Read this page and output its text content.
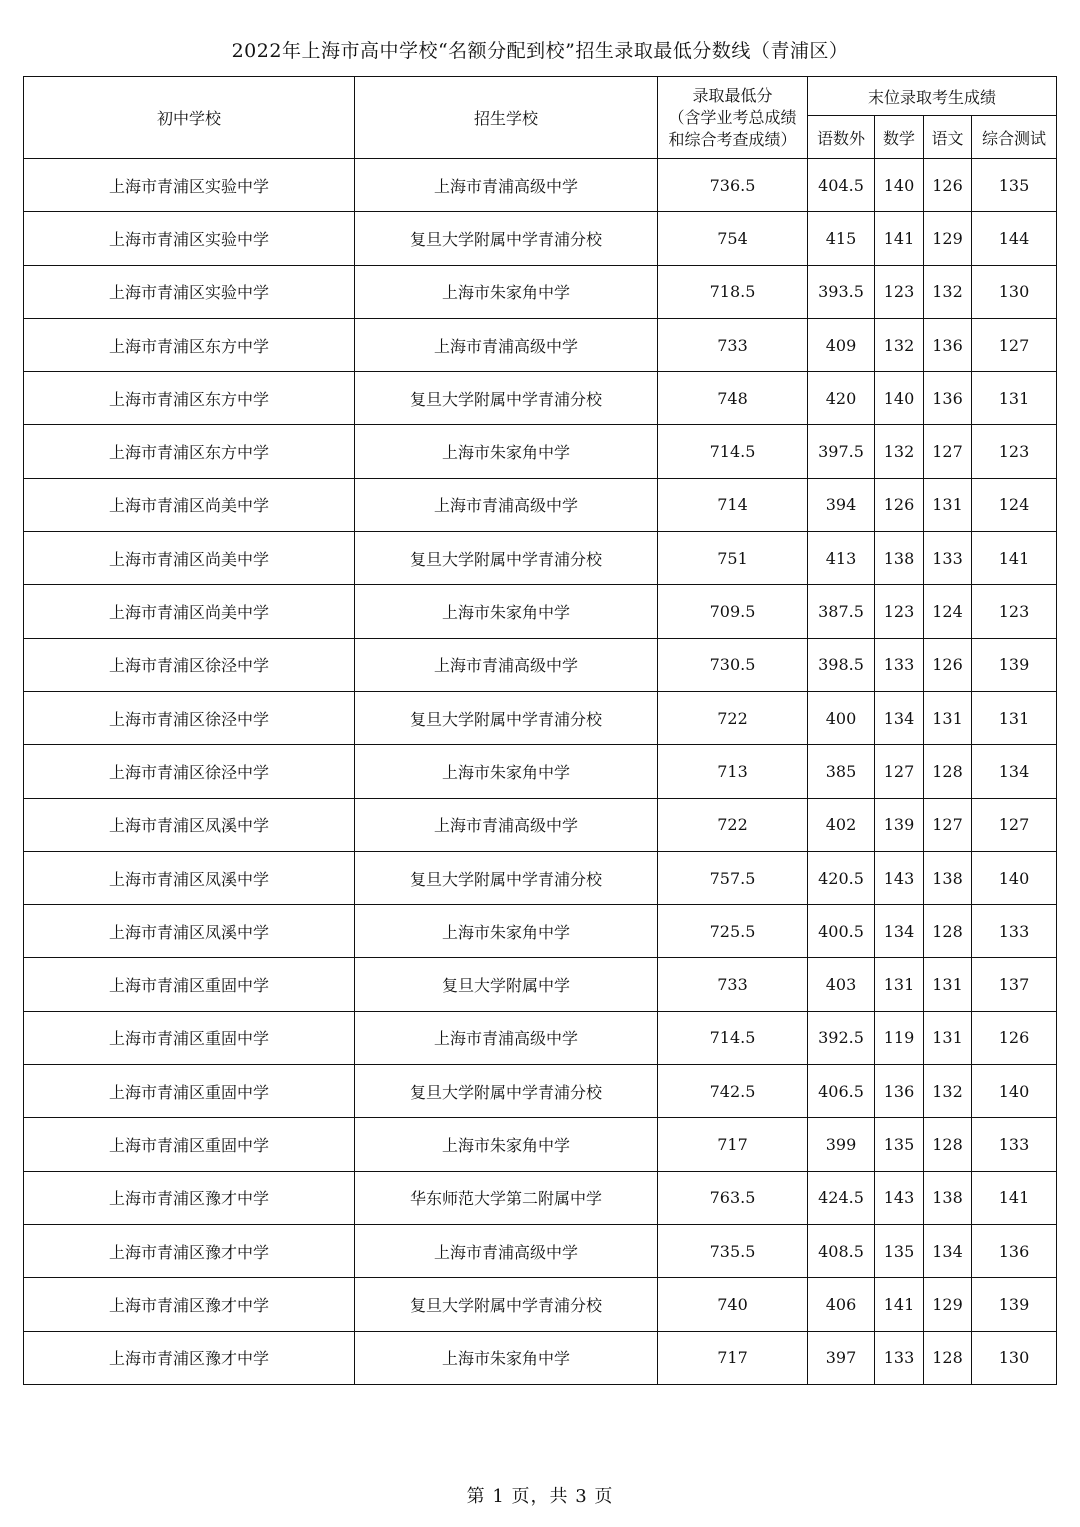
2022年上海市高中学校“名额分配到校”招生录取最低分数线（青浦区）
初中学校	招生学校	录取最低分
（含学业考总成绩
和综合考查成绩）	末位录取考生成绩			
			语数外	数学	语文	综合测试
上海市青浦区实验中学	上海市青浦高级中学	736.5	404.5	140	126	135
上海市青浦区实验中学	复旦大学附属中学青浦分校	754	415	141	129	144
上海市青浦区实验中学	上海市朱家角中学	718.5	393.5	123	132	130
上海市青浦区东方中学	上海市青浦高级中学	733	409	132	136	127
上海市青浦区东方中学	复旦大学附属中学青浦分校	748	420	140	136	131
上海市青浦区东方中学	上海市朱家角中学	714.5	397.5	132	127	123
上海市青浦区尚美中学	上海市青浦高级中学	714	394	126	131	124
上海市青浦区尚美中学	复旦大学附属中学青浦分校	751	413	138	133	141
上海市青浦区尚美中学	上海市朱家角中学	709.5	387.5	123	124	123
上海市青浦区徐泾中学	上海市青浦高级中学	730.5	398.5	133	126	139
上海市青浦区徐泾中学	复旦大学附属中学青浦分校	722	400	134	131	131
上海市青浦区徐泾中学	上海市朱家角中学	713	385	127	128	134
上海市青浦区凤溪中学	上海市青浦高级中学	722	402	139	127	127
上海市青浦区凤溪中学	复旦大学附属中学青浦分校	757.5	420.5	143	138	140
上海市青浦区凤溪中学	上海市朱家角中学	725.5	400.5	134	128	133
上海市青浦区重固中学	复旦大学附属中学	733	403	131	131	137
上海市青浦区重固中学	上海市青浦高级中学	714.5	392.5	119	131	126
上海市青浦区重固中学	复旦大学附属中学青浦分校	742.5	406.5	136	132	140
上海市青浦区重固中学	上海市朱家角中学	717	399	135	128	133
上海市青浦区豫才中学	华东师范大学第二附属中学	763.5	424.5	143	138	141
上海市青浦区豫才中学	上海市青浦高级中学	735.5	408.5	135	134	136
上海市青浦区豫才中学	复旦大学附属中学青浦分校	740	406	141	129	139
上海市青浦区豫才中学	上海市朱家角中学	717	397	133	128	130
第 1 页，共 3 页
